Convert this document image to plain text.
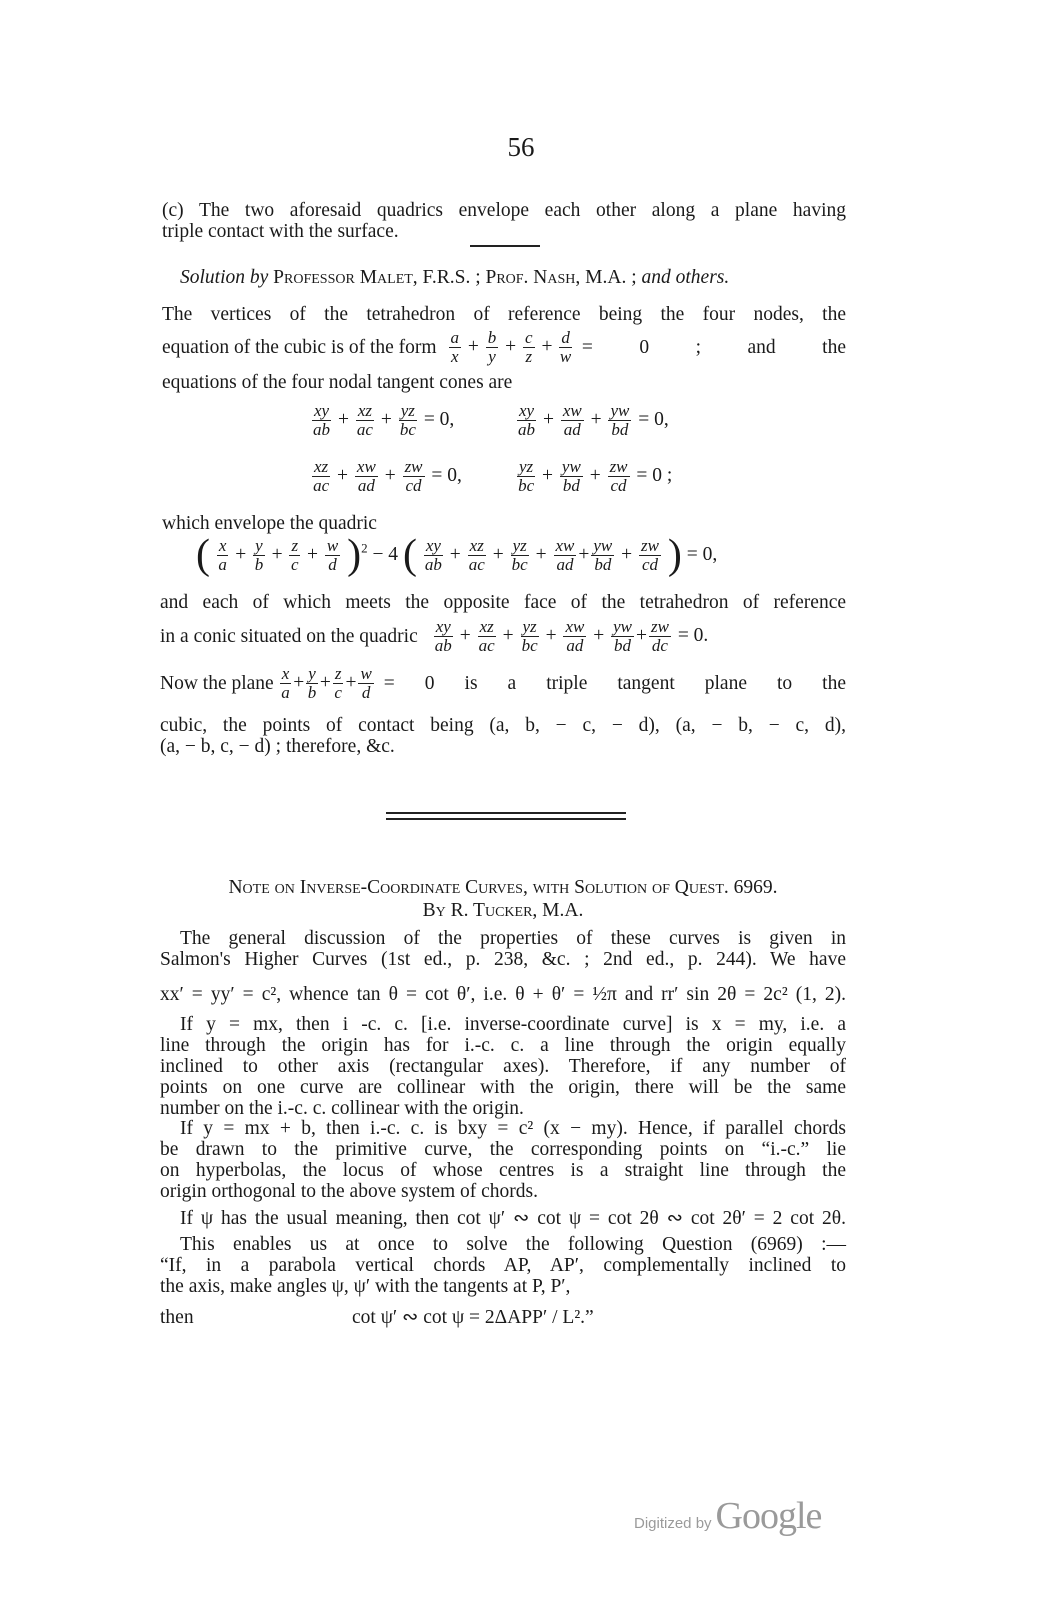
56
(c) The two aforesaid quadrics envelope each other along a plane having
triple contact with the surface.
Solution by Professor Malet, F.R.S. ; Prof. Nash, M.A. ; and others.
The vertices of the tetrahedron of reference being the four nodes, the
equation of the cubic is of the form $\frac{a}{x} + \frac{b}{y} + \frac{c}{z} + \frac{d}{w} = 0$ ; and the
equations of the four nodal tangent cones are
$\frac{xy}{ab} + \frac{xz}{ac} + \frac{yz}{bc} = 0$,	$\frac{xy}{ab} + \frac{xw}{ad} + \frac{yw}{bd} = 0$,
$\frac{xz}{ac} + \frac{xw}{ad} + \frac{zw}{cd} = 0$,	$\frac{yz}{bc} + \frac{yw}{bd} + \frac{zw}{cd} = 0$ ;
which envelope the quadric
( $\frac{x}{a} + \frac{y}{b} + \frac{z}{c} + \frac{w}{d} )^2 - 4$ ( $\frac{xy}{ab} + \frac{xz}{ac} + \frac{yz}{bc} + \frac{xw}{ad} + \frac{yw}{bd} + \frac{zw}{cd}$ ) = 0,
and each of which meets the opposite face of the tetrahedron of reference
in a conic situated on the quadric $\frac{xy}{ab} + \frac{xz}{ac} + \frac{yz}{bc} + \frac{xw}{ad} + \frac{yw}{bd} + \frac{zw}{dc} = 0$.
Now the plane $\frac{x}{a} + \frac{y}{b} + \frac{z}{c} + \frac{w}{d} = 0$ is a triple tangent plane to the
cubic, the points of contact being (a, b, − c, − d), (a, − b, − c, d),
(a, − b, c, − d) ; therefore, &c.
Note on Inverse-Coordinate Curves, with Solution of Quest. 6969.
By R. Tucker, M.A.
The general discussion of the properties of these curves is given in
Salmon's Higher Curves (1st ed., p. 238, &c. ; 2nd ed., p. 244). We have
xx′ = yy′ = c², whence tan θ = cot θ′, i.e. θ + θ′ = ½π and rr′ sin 2θ = 2c² (1, 2).
If y = mx, then i -c. c. [i.e. inverse-coordinate curve] is x = my, i.e. a
line through the origin has for i.-c. c. a line through the origin equally
inclined to other axis (rectangular axes). Therefore, if any number of
points on one curve are collinear with the origin, there will be the same
number on the i.-c. c. collinear with the origin.
If y = mx + b, then i.-c. c. is bxy = c² (x − my). Hence, if parallel chords
be drawn to the primitive curve, the corresponding points on “i.-c.” lie
on hyperbolas, the locus of whose centres is a straight line through the
origin orthogonal to the above system of chords.
If ψ has the usual meaning, then cot ψ′ ∾ cot ψ = cot 2θ ∾ cot 2θ′ = 2 cot 2θ.
This enables us at once to solve the following Question (6969) :—
“If, in a parabola vertical chords AP, AP′, complementally inclined to
the axis, make angles ψ, ψ′ with the tangents at P, P′,
then	cot ψ′ ∾ cot ψ = 2ΔAPP′ / L².”
Digitized by Google
